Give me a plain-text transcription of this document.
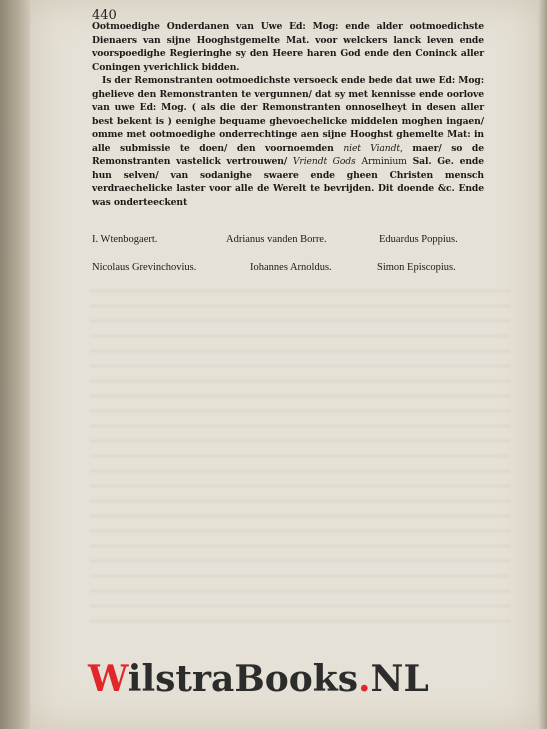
440

Ootmoedighe Onderdanen van Uwe Ed: Mog: ende alder ootmoedichste Dienaers van sijne Hooghstgemelte Mat. voor welckers lanck leven ende voorspoedighe Regieringhe sy den Heere haren God ende den Coninck aller Coningen yverichlick bidden.

Is der Remonstranten ootmoedichste versoeck ende bede dat uwe Ed: Mog: ghelieve den Remonstranten te vergunnen/ dat sy met kennisse ende oorlove van uwe Ed: Mog. ( als die der Remonstranten onnoselheyt in desen aller best bekent is ) eenighe bequame ghevoechelicke middelen moghen ingaen/ omme met ootmoedighe onderrechtinge aen sijne Hooghst ghemelte Mat: in alle submissie te doen/ den voornoemden niet Viandt, maer/ so de Remonstranten vastelick vertrouwen/ Vriendt Gods Arminium Sal. Ge. ende hun selven/ van sodanighe swaere ende gheen Christen mensch verdraechelicke laster voor alle de Werelt te bevrijden. Dit doende &c. Ende was onderteeckent

I. Wtenbogaert.	Adrianus vanden Borre.	Eduardus Poppius.
Nicolaus Grevinchovius.	Iohannes Arnoldus.	Simon Episcopius.
WilstraBooks.NL
